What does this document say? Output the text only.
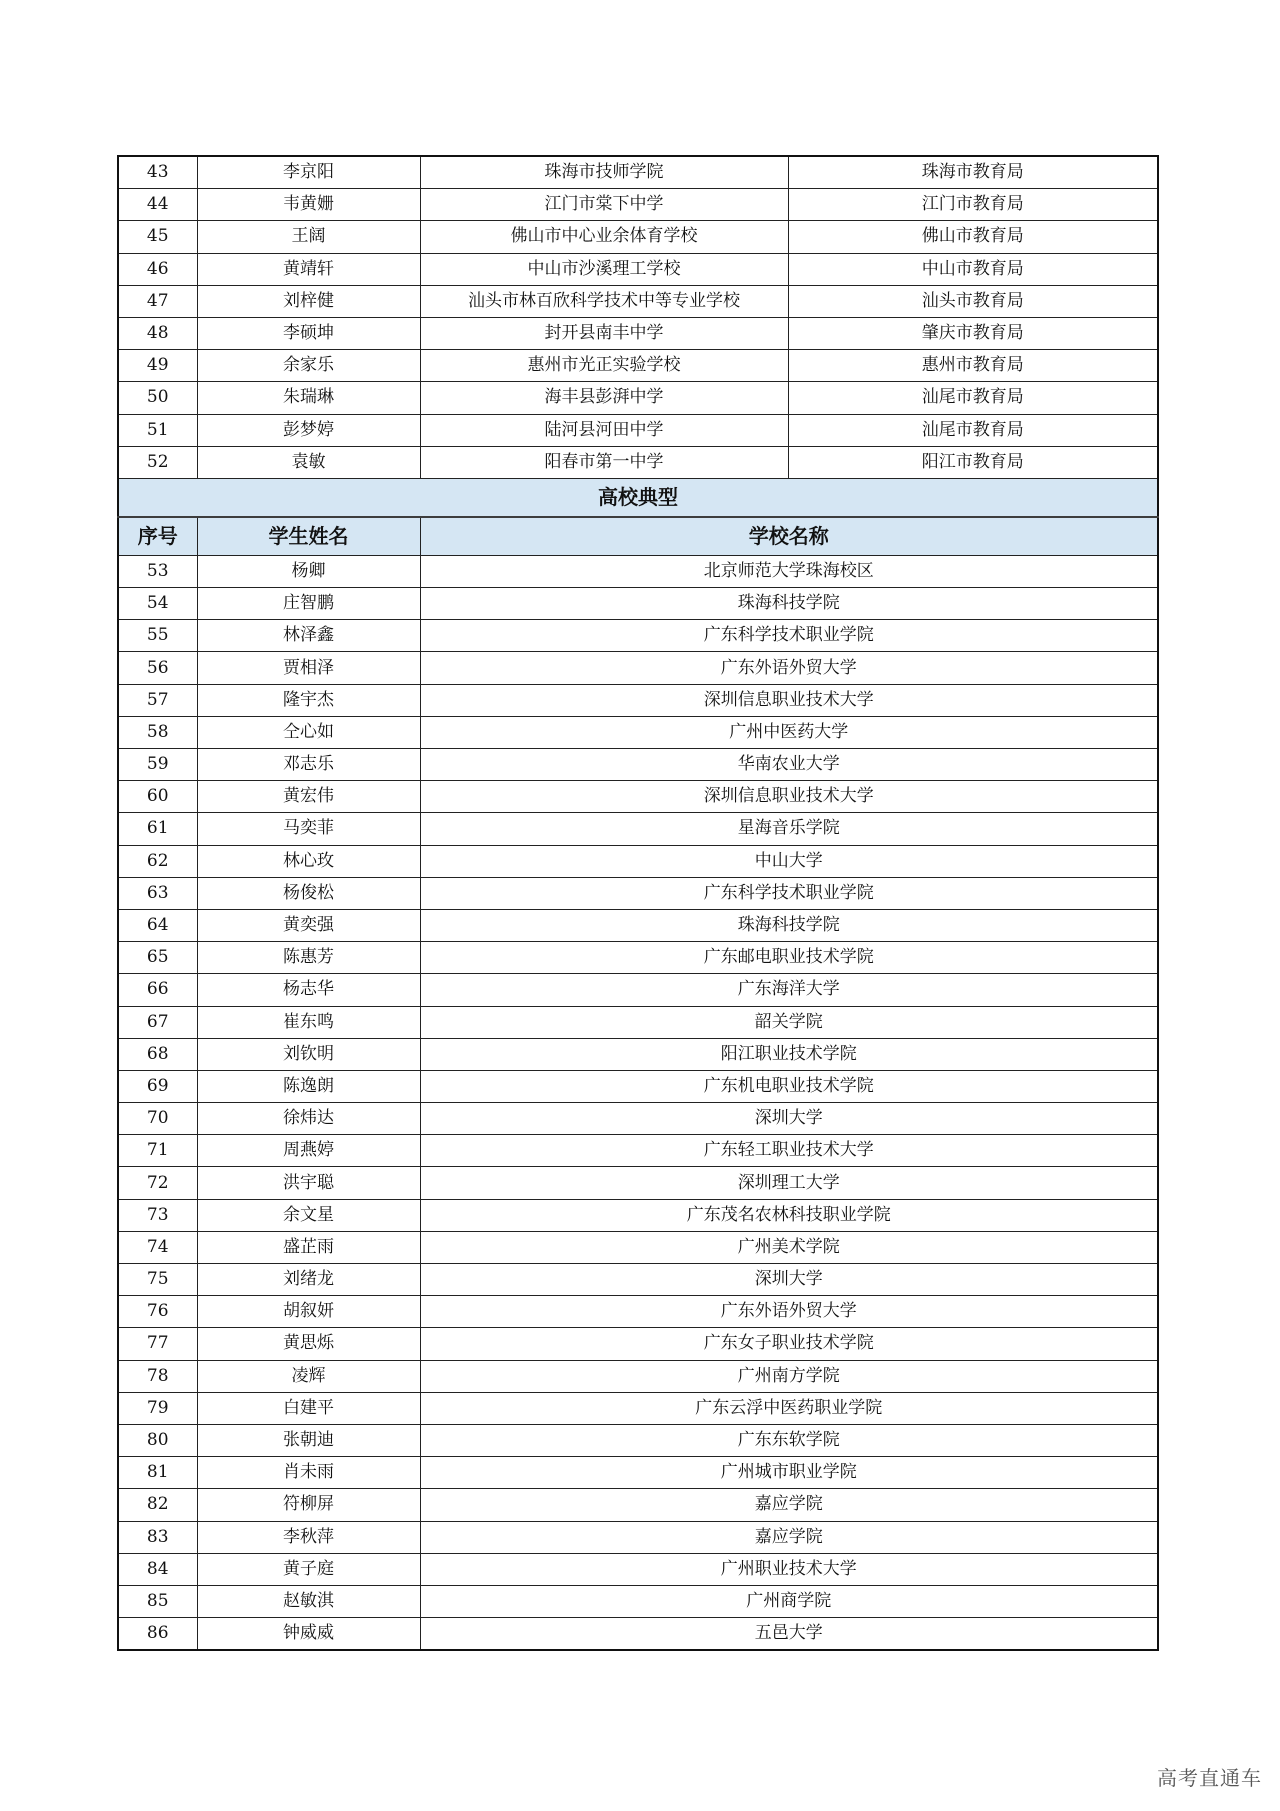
43	李京阳	珠海市技师学院	珠海市教育局
44	韦黄姗	江门市棠下中学	江门市教育局
45	王阔	佛山市中心业余体育学校	佛山市教育局
46	黄靖轩	中山市沙溪理工学校	中山市教育局
47	刘梓健	汕头市林百欣科学技术中等专业学校	汕头市教育局
48	李硕坤	封开县南丰中学	肇庆市教育局
49	余家乐	惠州市光正实验学校	惠州市教育局
50	朱瑞琳	海丰县彭湃中学	汕尾市教育局
51	彭梦婷	陆河县河田中学	汕尾市教育局
52	袁敏	阳春市第一中学	阳江市教育局
高校典型			
序号	学生姓名	学校名称	
53	杨卿	北京师范大学珠海校区	
54	庄智鹏	珠海科技学院	
55	林泽鑫	广东科学技术职业学院	
56	贾相泽	广东外语外贸大学	
57	隆宇杰	深圳信息职业技术大学	
58	仝心如	广州中医药大学	
59	邓志乐	华南农业大学	
60	黄宏伟	深圳信息职业技术大学	
61	马奕菲	星海音乐学院	
62	林心玫	中山大学	
63	杨俊松	广东科学技术职业学院	
64	黄奕强	珠海科技学院	
65	陈惠芳	广东邮电职业技术学院	
66	杨志华	广东海洋大学	
67	崔东鸣	韶关学院	
68	刘钦明	阳江职业技术学院	
69	陈逸朗	广东机电职业技术学院	
70	徐炜达	深圳大学	
71	周燕婷	广东轻工职业技术大学	
72	洪宇聪	深圳理工大学	
73	余文星	广东茂名农林科技职业学院	
74	盛芷雨	广州美术学院	
75	刘绪龙	深圳大学	
76	胡叙妍	广东外语外贸大学	
77	黄思烁	广东女子职业技术学院	
78	凌辉	广州南方学院	
79	白建平	广东云浮中医药职业学院	
80	张朝迪	广东东软学院	
81	肖未雨	广州城市职业学院	
82	符柳屏	嘉应学院	
83	李秋萍	嘉应学院	
84	黄子庭	广州职业技术大学	
85	赵敏淇	广州商学院	
86	钟威威	五邑大学	
高考直通车
